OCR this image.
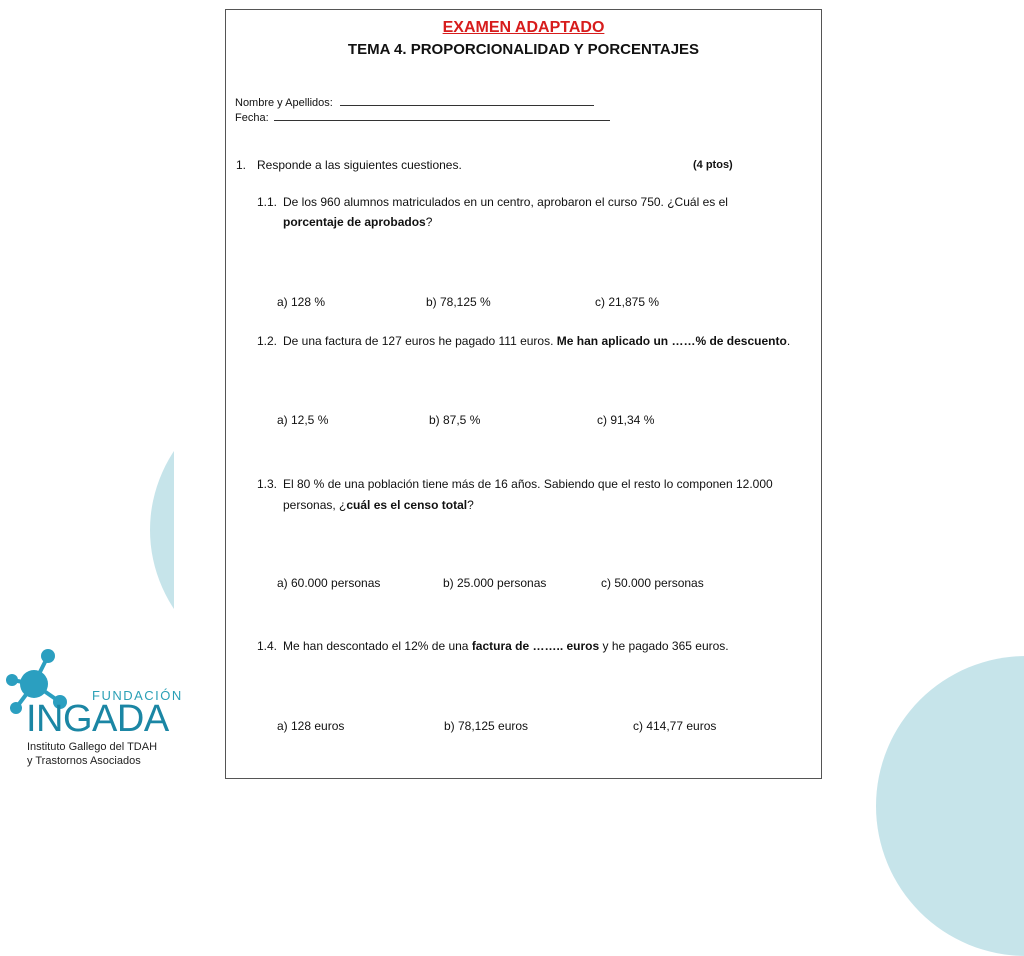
EXAMEN ADAPTADO
TEMA 4. PROPORCIONALIDAD Y PORCENTAJES
Nombre y Apellidos:
Fecha:
1. Responde a las siguientes cuestiones.	(4 ptos)
1.1. De los 960 alumnos matriculados en un centro, aprobaron el curso 750. ¿Cuál es el
porcentaje de aprobados?
a) 128 %	b) 78,125 %	c) 21,875 %
1.2. De una factura de 127 euros he pagado 111 euros. Me han aplicado un ……% de descuento.
a) 12,5 %	b) 87,5 %	c) 91,34 %
1.3. El 80 % de una población tiene más de 16 años. Sabiendo que el resto lo componen 12.000
personas, ¿cuál es el censo total?
a) 60.000 personas	b) 25.000 personas	c) 50.000 personas
1.4. Me han descontado el 12% de una factura de …….. euros y he pagado 365 euros.
a) 128 euros	b) 78,125 euros	c) 414,77 euros
FUNDACIÓN
INGADA
Instituto Gallego del TDAH
y Trastornos Asociados
